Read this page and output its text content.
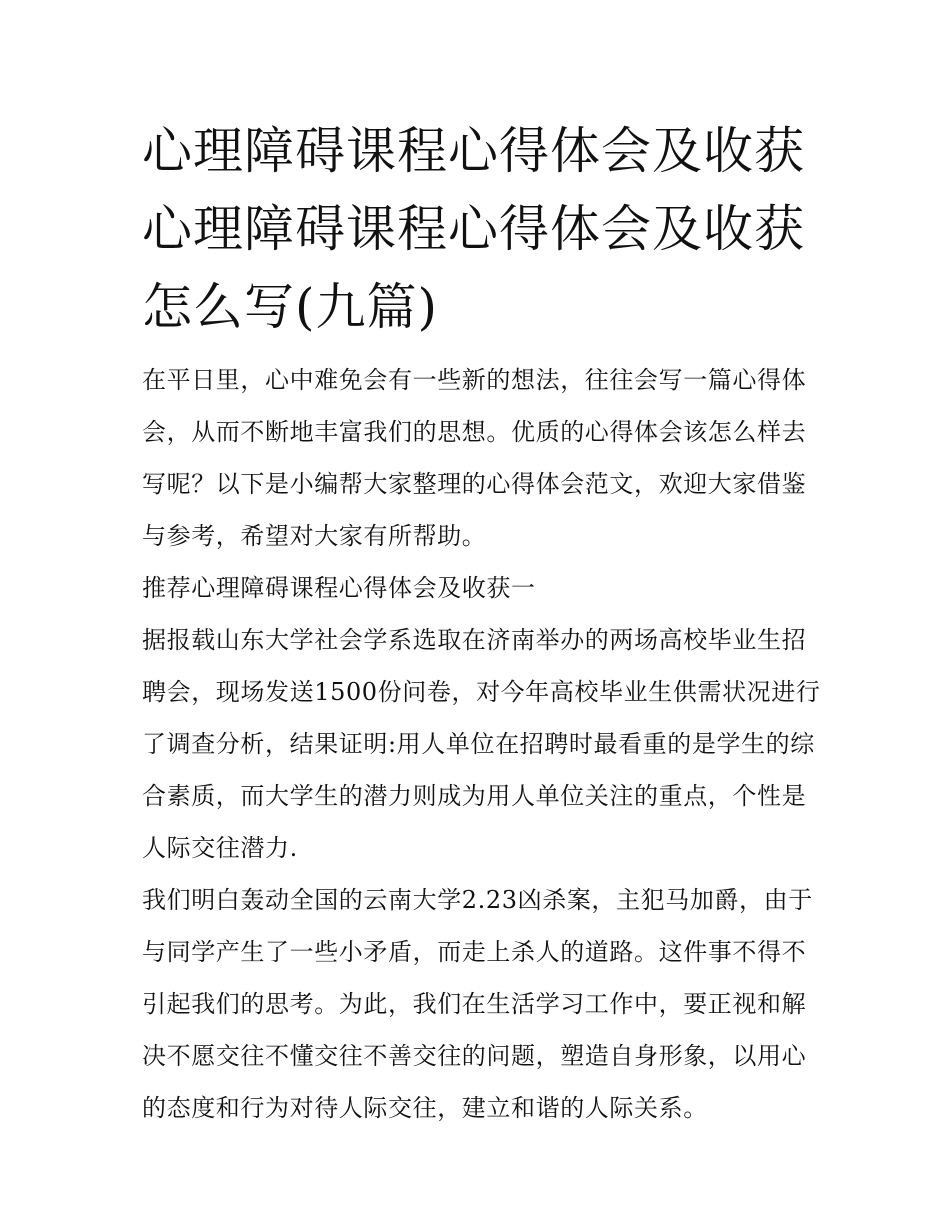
心理障碍课程心得体会及收获 心理障碍课程心得体会及收获怎么写(九篇)

在平日里，心中难免会有一些新的想法，往往会写一篇心得体会，从而不断地丰富我们的思想。优质的心得体会该怎么样去写呢？以下是小编帮大家整理的心得体会范文，欢迎大家借鉴与参考，希望对大家有所帮助。

推荐心理障碍课程心得体会及收获一

据报载山东大学社会学系选取在济南举办的两场高校毕业生招聘会，现场发送1500份问卷，对今年高校毕业生供需状况进行了调查分析，结果证明:用人单位在招聘时最看重的是学生的综合素质，而大学生的潜力则成为用人单位关注的重点，个性是人际交往潜力.

我们明白轰动全国的云南大学2.23凶杀案，主犯马加爵，由于与同学产生了一些小矛盾，而走上杀人的道路。这件事不得不引起我们的思考。为此，我们在生活学习工作中，要正视和解决不愿交往不懂交往不善交往的问题，塑造自身形象，以用心的态度和行为对待人际交往，建立和谐的人际关系。
